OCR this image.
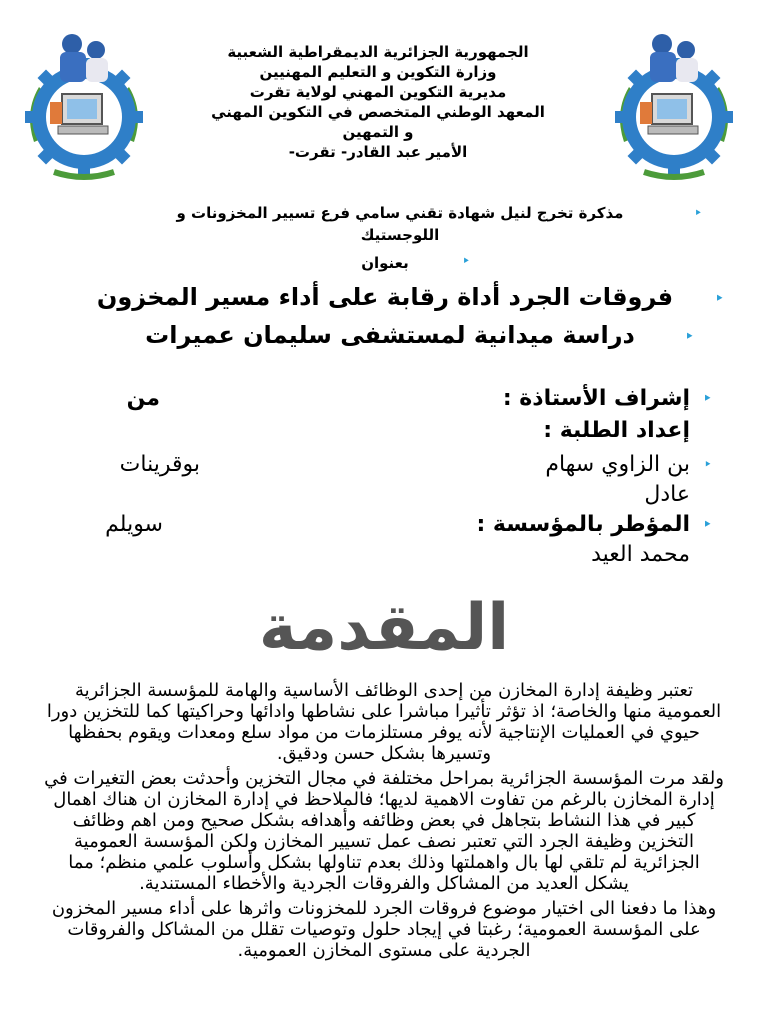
الجمهورية الجزائرية الديمقراطية الشعبية
وزارة التكوين و التعليم المهنيين
مديرية التكوين المهني لولاية تقرت
المعهد الوطني المتخصص في التكوين المهني
و التمهين
الأمير عبد القادر- تقرت-
‣
مذكرة تخرج لنيل شهادة تقني سامي فرع تسيير المخزونات و
اللوجستيك
‣
بعنوان
‣
فروقات الجرد أداة رقابة على أداء مسير المخزون
‣
دراسة ميدانية لمستشفى سليمان عميرات
‣
إشراف الأستاذة :
من
إعداد الطلبة :
‣
بن الزاوي سهام
بوقرينات
عادل
‣
المؤطر بالمؤسسة :
سويلم
محمد العيد
المقدمة

تعتبر وظيفة إدارة المخازن من إحدى الوظائف الأساسية والهامة للمؤسسة الجزائرية العمومية منها والخاصة؛ اذ تؤثر تأثيرا مباشرا على نشاطها وادائها وحراكيتها كما للتخزين دورا حيوي في العمليات الإنتاجية لأنه يوفر مستلزمات من مواد سلع ومعدات ويقوم بحفظها وتسيرها بشكل حسن ودقيق.

ولقد مرت المؤسسة الجزائرية بمراحل مختلفة في مجال التخزين وأحدثت بعض التغيرات في إدارة المخازن بالرغم من تفاوت الاهمية لديها؛ فالملاحظ في إدارة المخازن ان هناك اهمال كبير في هذا النشاط بتجاهل في بعض وظائفه وأهدافه بشكل صحيح ومن اهم وظائف التخزين وظيفة الجرد التي تعتبر نصف عمل تسيير المخازن ولكن المؤسسة العمومية الجزائرية لم تلقي لها بال واهملتها وذلك بعدم تناولها بشكل وأسلوب علمي منظم؛ مما يشكل العديد من المشاكل والفروقات الجردية والأخطاء المستندية.

وهذا ما دفعنا الى اختيار موضوع فروقات الجرد للمخزونات واثرها على أداء مسير المخزون على المؤسسة العمومية؛ رغبتا في إيجاد حلول وتوصيات تقلل من المشاكل والفروقات الجردية على مستوى المخازن العمومية.
